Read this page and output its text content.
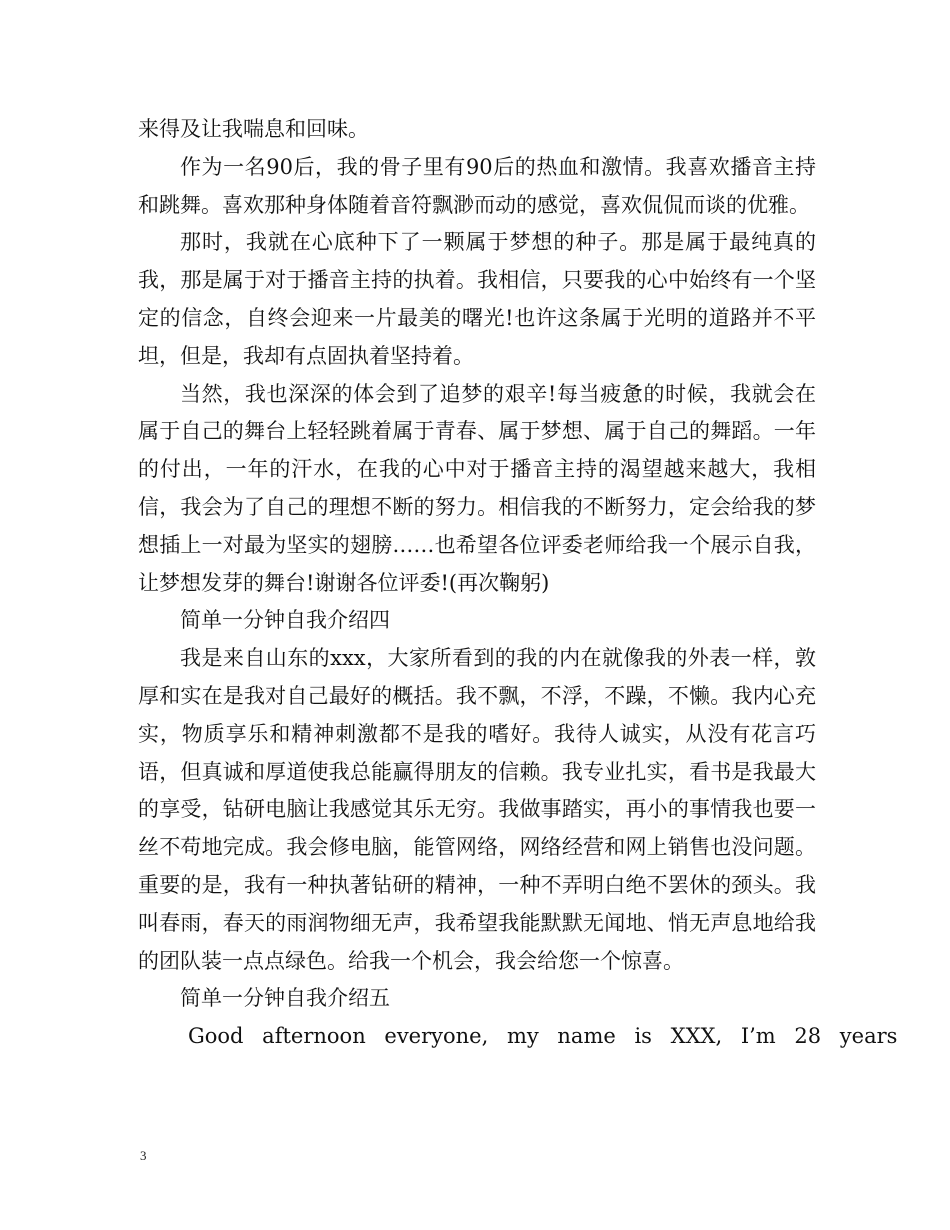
来得及让我喘息和回味。

作为一名90后，我的骨子里有90后的热血和激情。我喜欢播音主持和跳舞。喜欢那种身体随着音符飘渺而动的感觉，喜欢侃侃而谈的优雅。

那时，我就在心底种下了一颗属于梦想的种子。那是属于最纯真的我，那是属于对于播音主持的执着。我相信，只要我的心中始终有一个坚定的信念，自终会迎来一片最美的曙光!也许这条属于光明的道路并不平坦，但是，我却有点固执着坚持着。

当然，我也深深的体会到了追梦的艰辛!每当疲惫的时候，我就会在属于自己的舞台上轻轻跳着属于青春、属于梦想、属于自己的舞蹈。一年的付出，一年的汗水，在我的心中对于播音主持的渴望越来越大，我相信，我会为了自己的理想不断的努力。相信我的不断努力，定会给我的梦想插上一对最为坚实的翅膀……也希望各位评委老师给我一个展示自我，让梦想发芽的舞台!谢谢各位评委!(再次鞠躬)

简单一分钟自我介绍四

我是来自山东的xxx，大家所看到的我的内在就像我的外表一样，敦厚和实在是我对自己最好的概括。我不飘，不浮，不躁，不懒。我内心充实，物质享乐和精神刺激都不是我的嗜好。我待人诚实，从没有花言巧语，但真诚和厚道使我总能赢得朋友的信赖。我专业扎实，看书是我最大的享受，钻研电脑让我感觉其乐无穷。我做事踏实，再小的事情我也要一丝不苟地完成。我会修电脑，能管网络，网络经营和网上销售也没问题。重要的是，我有一种执著钻研的精神，一种不弄明白绝不罢休的颈头。我叫春雨，春天的雨润物细无声，我希望我能默默无闻地、悄无声息地给我的团队装一点点绿色。给我一个机会，我会给您一个惊喜。

简单一分钟自我介绍五

Good afternoon everyone, my name is XXX, I’m 28 years

3
